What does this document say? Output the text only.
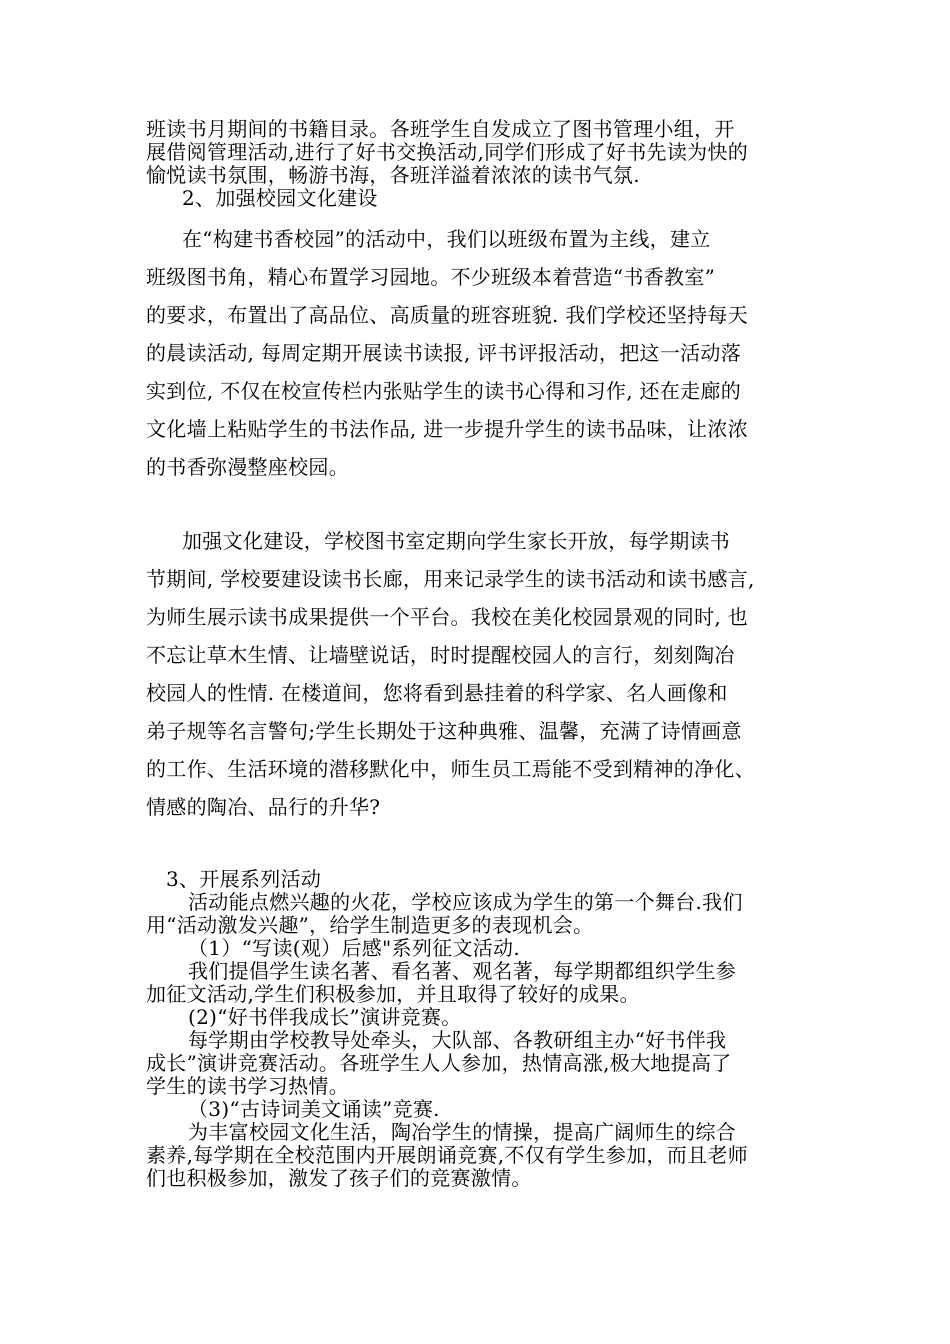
班读书月期间的书籍目录。各班学生自发成立了图书管理小组，开
展借阅管理活动,进行了好书交换活动,同学们形成了好书先读为快的
愉悦读书氛围，畅游书海，各班洋溢着浓浓的读书气氛.
2、加强校园文化建设
在“构建书香校园”的活动中，我们以班级布置为主线，建立
班级图书角，精心布置学习园地。不少班级本着营造“书香教室”
的要求，布置出了高品位、高质量的班容班貌. 我们学校还坚持每天
的晨读活动, 每周定期开展读书读报, 评书评报活动，把这一活动落
实到位, 不仅在校宣传栏内张贴学生的读书心得和习作, 还在走廊的
文化墙上粘贴学生的书法作品, 进一步提升学生的读书品味，让浓浓
的书香弥漫整座校园。
加强文化建设，学校图书室定期向学生家长开放，每学期读书
节期间, 学校要建设读书长廊，用来记录学生的读书活动和读书感言,
为师生展示读书成果提供一个平台。我校在美化校园景观的同时, 也
不忘让草木生情、让墙壁说话，时时提醒校园人的言行，刻刻陶冶
校园人的性情. 在楼道间，您将看到悬挂着的科学家、名人画像和
弟子规等名言警句;学生长期处于这种典雅、温馨，充满了诗情画意
的工作、生活环境的潜移默化中，师生员工焉能不受到精神的净化、
情感的陶冶、品行的升华?
3、开展系列活动
活动能点燃兴趣的火花，学校应该成为学生的第一个舞台.我们
用“活动激发兴趣”，给学生制造更多的表现机会。
（1）“写读(观）后感"系列征文活动.
我们提倡学生读名著、看名著、观名著，每学期都组织学生参
加征文活动,学生们积极参加，并且取得了较好的成果。
(2)“好书伴我成长”演讲竞赛。
每学期由学校教导处牵头，大队部、各教研组主办“好书伴我
成长”演讲竞赛活动。各班学生人人参加，热情高涨,极大地提高了
学生的读书学习热情。
（3)“古诗词美文诵读”竞赛.
为丰富校园文化生活，陶冶学生的情操，提高广阔师生的综合
素养,每学期在全校范围内开展朗诵竞赛,不仅有学生参加，而且老师
们也积极参加，激发了孩子们的竞赛激情。
